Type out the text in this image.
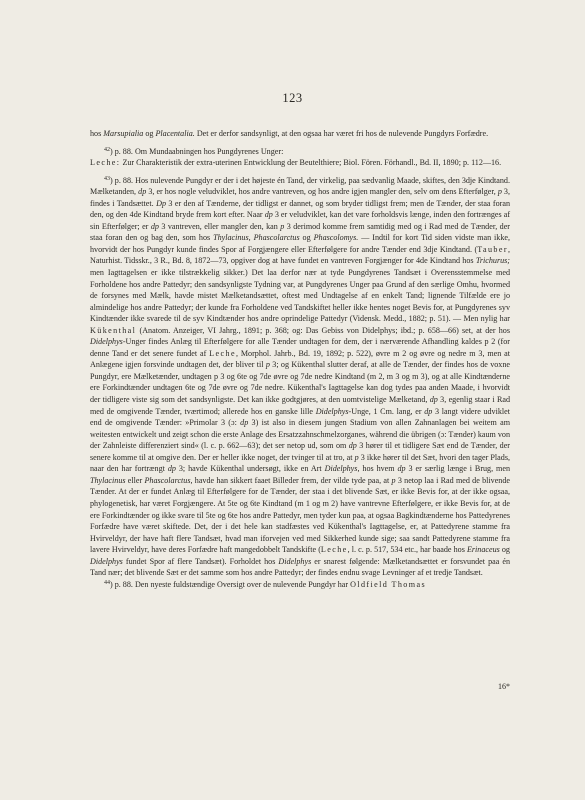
123

hos Marsupialia og Placentalia. Det er derfor sandsynligt, at den ogsaa har været fri hos de nulevende Pungdyrs Forfædre.

$^{42}$) p. 88. Om Mundaabningen hos Pungdyrenes Unger:

Leche: Zur Charakteristik der extra-uterinen Entwicklung der Beutelthiere; Biol. Fören. Förhandl., Bd. II, 1890; p. 112—16.

$^{43}$) p. 88. Hos nulevende Pungdyr er der i det højeste én Tand, der virkelig, paa sædvanlig Maade, skiftes, den 3dje Kindtand. Mælketanden, dp 3, er hos nogle veludviklet, hos andre vantreven, og hos andre igjen mangler den, selv om dens Efterfølger, p 3, findes i Tandsættet. Dp 3 er den af Tænderne, der tidligst er dannet, og som bryder tidligst frem; men de Tænder, der staa foran den, og den 4de Kindtand bryde frem kort efter. Naar dp 3 er veludviklet, kan det vare forholdsvis længe, inden den fortrænges af sin Efterfølger; er dp 3 vantreven, eller mangler den, kan p 3 derimod komme frem samtidig med og i Rad med de Tænder, der staa foran den og bag den, som hos Thylacinus, Phascolarctus og Phascolomys. — Indtil for kort Tid siden vidste man ikke, hvorvidt der hos Pungdyr kunde findes Spor af Forgjængere eller Efterfølgere for andre Tænder end 3dje Kindtand. (Tauber, Naturhist. Tidsskr., 3 R., Bd. 8, 1872—73, opgiver dog at have fundet en vantreven Forgjænger for 4de Kindtand hos Trichurus; men Iagttagelsen er ikke tilstrækkelig sikker.) Det laa derfor nær at tyde Pungdyrenes Tandsæt i Overensstemmelse med Forholdene hos andre Pattedyr; den sandsynligste Tydning var, at Pungdyrenes Unger paa Grund af den særlige Omhu, hvormed de forsynes med Mælk, havde mistet Mælketandsættet, oftest med Undtagelse af en enkelt Tand; lignende Tilfælde ere jo almindelige hos andre Pattedyr; der kunde fra Forholdene ved Tandskiftet heller ikke hentes noget Bevis for, at Pungdyrenes syv Kindtænder ikke svarede til de syv Kindtænder hos andre oprindelige Pattedyr (Vidensk. Medd., 1882; p. 51). — Men nylig har Kükenthal (Anatom. Anzeiger, VI Jahrg., 1891; p. 368; og: Das Gebiss von Didelphys; ibd.; p. 658—66) set, at der hos Didelphys-Unger findes Anlæg til Efterfølgere for alle Tænder undtagen for dem, der i nærværende Afhandling kaldes p 2 (for denne Tand er det senere fundet af Leche, Morphol. Jahrb., Bd. 19, 1892; p. 522), øvre m 2 og øvre og nedre m 3, men at Anlægene igjen forsvinde undtagen det, der bliver til p 3; og Kükenthal slutter deraf, at alle de Tænder, der findes hos de voxne Pungdyr, ere Mælketænder, undtagen p 3 og 6te og 7de øvre og 7de nedre Kindtand (m 2, m 3 og m 3), og at alle Kindtænderne ere Forkindtænder undtagen 6te og 7de øvre og 7de nedre. Kükenthal's Iagttagelse kan dog tydes paa anden Maade, i hvorvidt der tidligere viste sig som det sandsynligste. Det kan ikke godtgjøres, at den uomtvistelige Mælketand, dp 3, egenlig staar i Rad med de omgivende Tænder, tværtimod; allerede hos en ganske lille Didelphys-Unge, 1 Cm. lang, er dp 3 langt videre udviklet end de omgivende Tænder: »Primolar 3 (ɔ: dp 3) ist also in diesem jungen Stadium von allen Zahnanlagen bei weitem am weitesten entwickelt und zeigt schon die erste Anlage des Ersatzzahnschmelzorganes, während die übrigen (ɔ: Tænder) kaum von der Zahnleiste differenziert sind« (l. c. p. 662—63); det ser netop ud, som om dp 3 hører til et tidligere Sæt end de Tænder, der senere komme til at omgive den. Der er heller ikke noget, der tvinger til at tro, at p 3 ikke hører til det Sæt, hvori den tager Plads, naar den har fortrængt dp 3; havde Kükenthal undersøgt, ikke en Art Didelphys, hos hvem dp 3 er særlig længe i Brug, men Thylacinus eller Phascolarctus, havde han sikkert faaet Billeder frem, der vilde tyde paa, at p 3 netop laa i Rad med de blivende Tænder. At der er fundet Anlæg til Efterfølgere for de Tænder, der staa i det blivende Sæt, er ikke Bevis for, at der ikke ogsaa, phylogenetisk, har været Forgjængere. At 5te og 6te Kindtand (m 1 og m 2) have vantrevne Efterfølgere, er ikke Bevis for, at de ere Forkindtænder og ikke svare til 5te og 6te hos andre Pattedyr, men tyder kun paa, at ogsaa Bagkindtænderne hos Pattedyrenes Forfædre have været skiftede. Det, der i det hele kan stadfæstes ved Kükenthal's Iagttagelse, er, at Pattedyrene stamme fra Hvirveldyr, der have haft flere Tandsæt, hvad man iforvejen ved med Sikkerhed kunde sige; saa sandt Pattedyrene stamme fra lavere Hvirveldyr, have deres Forfædre haft mangedobbelt Tandskifte (Leche, l. c. p. 517, 534 etc., har baade hos Erinaceus og Didelphys fundet Spor af flere Tandsæt). Forholdet hos Didelphys er snarest følgende: Mælketandsættet er forsvundet paa én Tand nær; det blivende Sæt er det samme som hos andre Pattedyr; der findes endnu svage Levninger af et tredje Tandsæt.

$^{44}$) p. 88. Den nyeste fuldstændige Oversigt over de nulevende Pungdyr har Oldfield Thomas

16*
